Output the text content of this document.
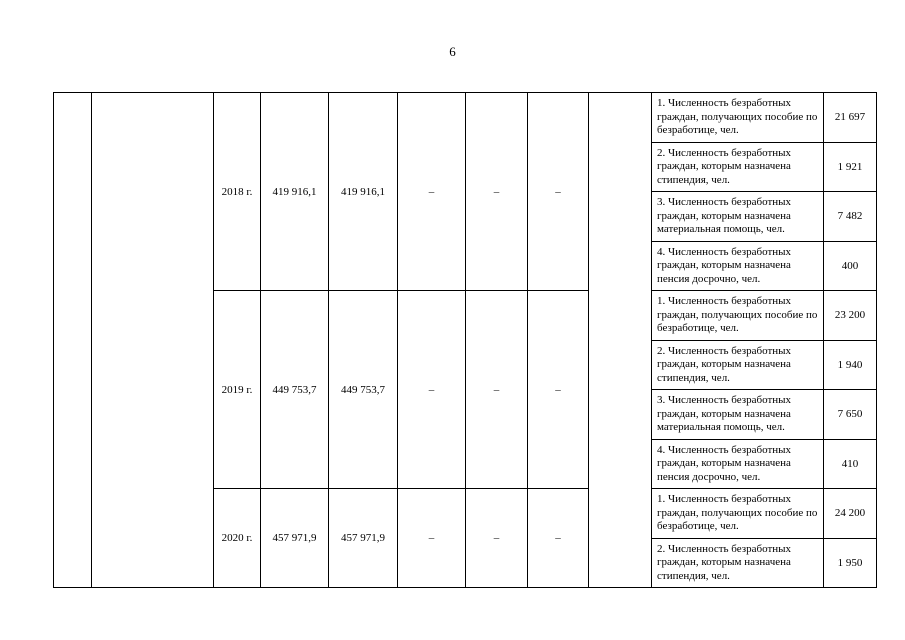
6
		2018 г.	419 916,1	419 916,1	–	–	–		1. Численность безработных граждан, получающих пособие по безработице, чел.	21 697
									2. Численность безработных граждан, которым назначена стипендия, чел.	1 921
									3. Численность безработных граждан, которым назначена материальная помощь, чел.	7 482
									4. Численность безработных граждан, которым назначена пенсия досрочно, чел.	400
		2019 г.	449 753,7	449 753,7	–	–	–		1. Численность безработных граждан, получающих пособие по безработице, чел.	23 200
									2. Численность безработных граждан, которым назначена стипендия, чел.	1 940
									3. Численность безработных граждан, которым назначена материальная помощь, чел.	7 650
									4. Численность безработных граждан, которым назначена пенсия досрочно, чел.	410
		2020 г.	457 971,9	457 971,9	–	–	–		1. Численность безработных граждан, получающих пособие по безработице, чел.	24 200
									2. Численность безработных граждан, которым назначена стипендия, чел.	1 950
